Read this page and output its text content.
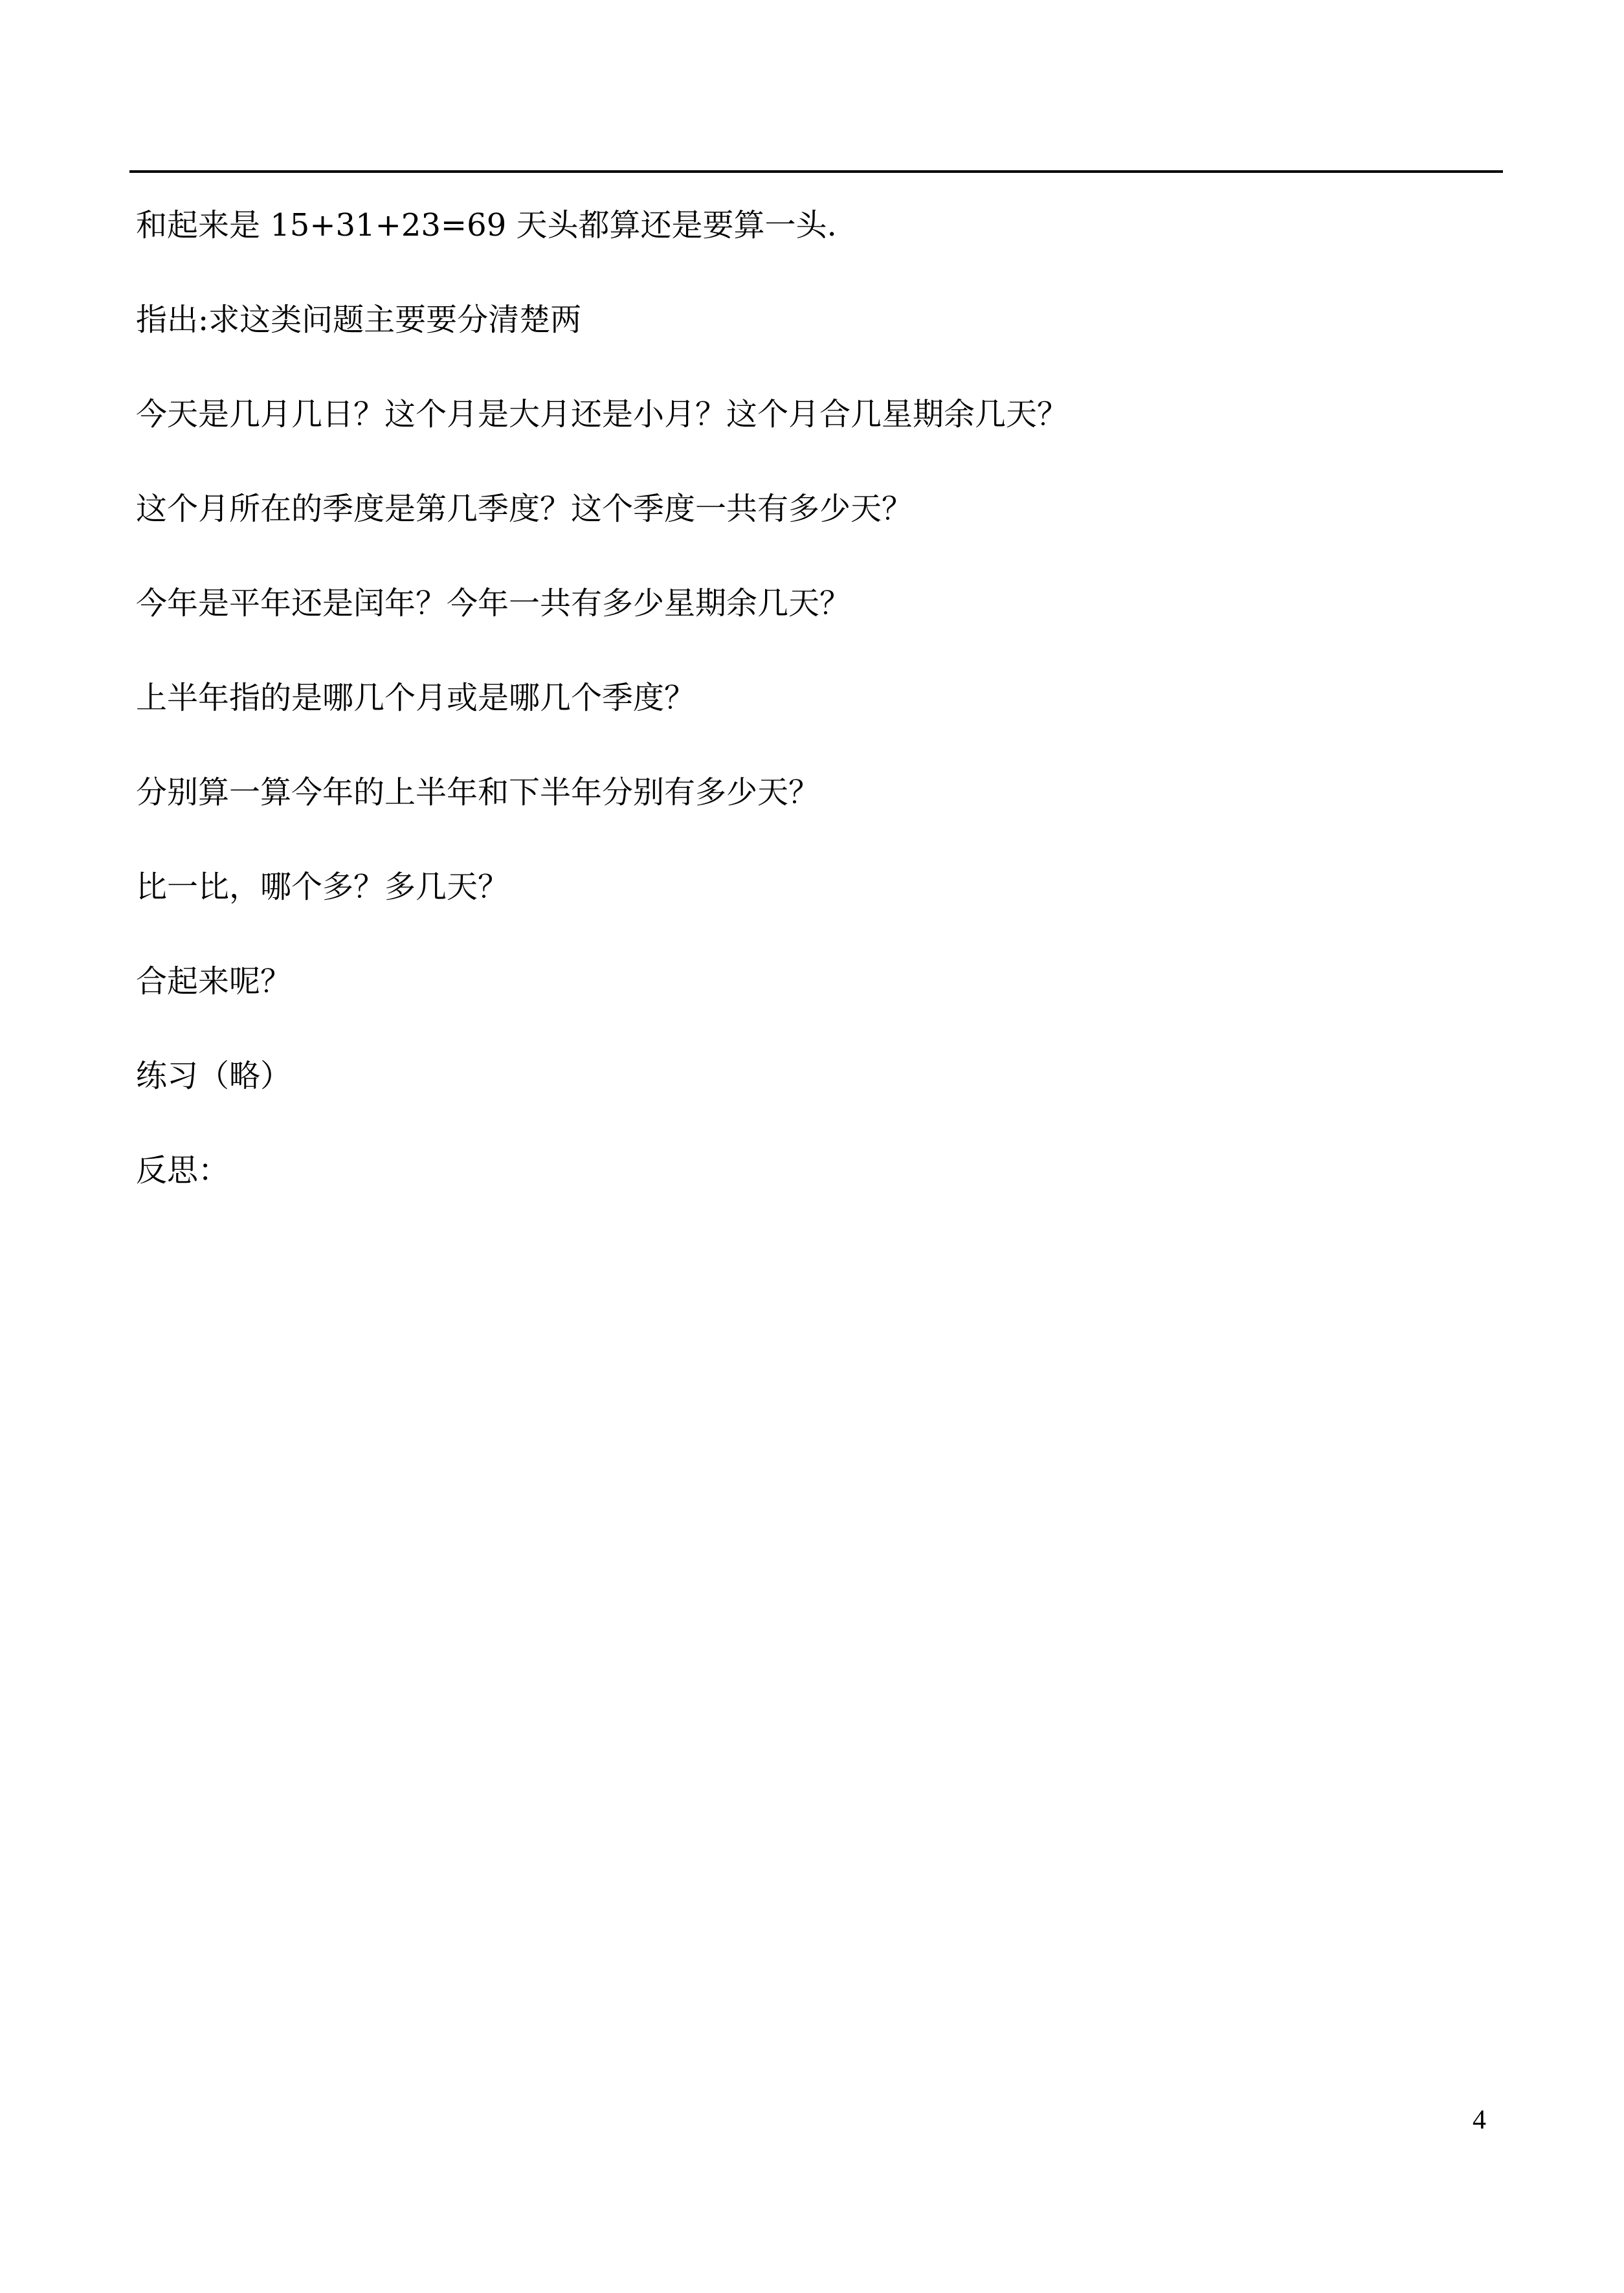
和起来是 15+31+23=69 天头都算还是要算一头.

指出:求这类问题主要要分清楚两

今天是几月几日？这个月是大月还是小月？这个月合几星期余几天？

这个月所在的季度是第几季度？这个季度一共有多少天？

今年是平年还是闰年？今年一共有多少星期余几天？

上半年指的是哪几个月或是哪几个季度？

分别算一算今年的上半年和下半年分别有多少天？

比一比，哪个多？多几天？

合起来呢？

练习（略）

反思：

4
